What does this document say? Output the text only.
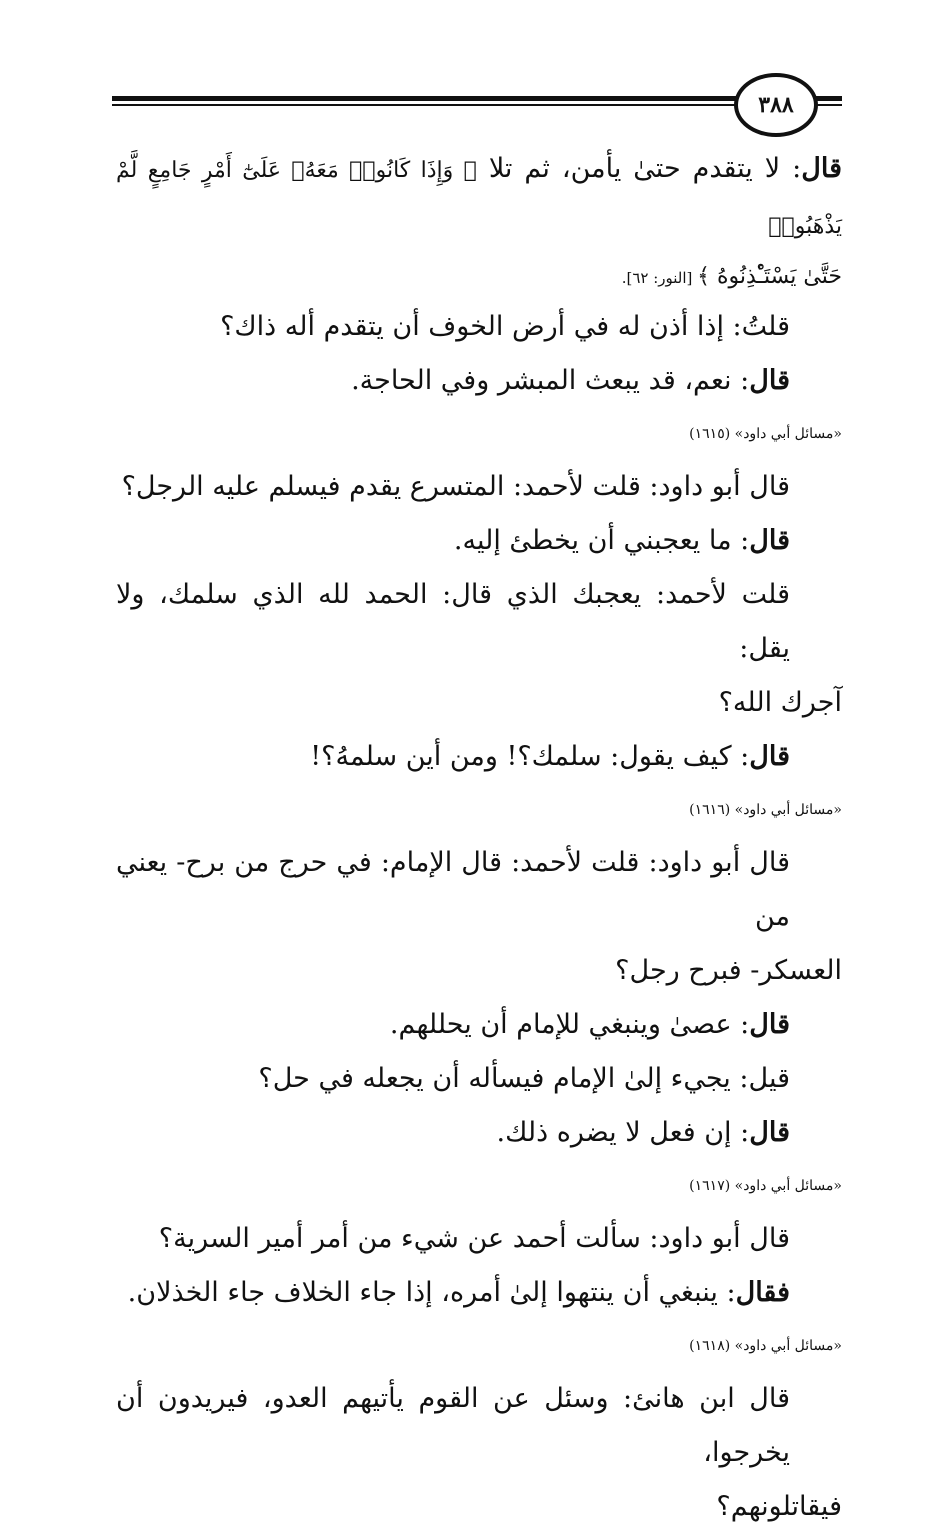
٣٨٨
قال: لا يتقدم حتىٰ يأمن، ثم تلا ﴿ وَإِذَا كَانُوا۟ مَعَهُۥ عَلَىٰٓ أَمْرٍ جَامِعٍ لَّمْ يَذْهَبُوا۟
حَتَّىٰ يَسْتَـْٔذِنُوهُ ﴾ [النور: ٦٢].
قلتُ: إذا أذن له في أرض الخوف أن يتقدم أله ذاك؟
قال: نعم، قد يبعث المبشر وفي الحاجة.
«مسائل أبي داود» (١٦١٥)
قال أبو داود: قلت لأحمد: المتسرع يقدم فيسلم عليه الرجل؟
قال: ما يعجبني أن يخطئ إليه.
قلت لأحمد: يعجبك الذي قال: الحمد لله الذي سلمك، ولا يقل:
آجرك الله؟
قال: كيف يقول: سلمك؟! ومن أين سلمهُ؟!
«مسائل أبي داود» (١٦١٦)
قال أبو داود: قلت لأحمد: قال الإمام: في حرج من برح- يعني من
العسكر- فبرح رجل؟
قال: عصىٰ وينبغي للإمام أن يحللهم.
قيل: يجيء إلىٰ الإمام فيسأله أن يجعله في حل؟
قال: إن فعل لا يضره ذلك.
«مسائل أبي داود» (١٦١٧)
قال أبو داود: سألت أحمد عن شيء من أمر أمير السرية؟
فقال: ينبغي أن ينتهوا إلىٰ أمره، إذا جاء الخلاف جاء الخذلان.
«مسائل أبي داود» (١٦١٨)
قال ابن هانئ: وسئل عن القوم يأتيهم العدو، فيريدون أن يخرجوا،
فيقاتلونهم؟
